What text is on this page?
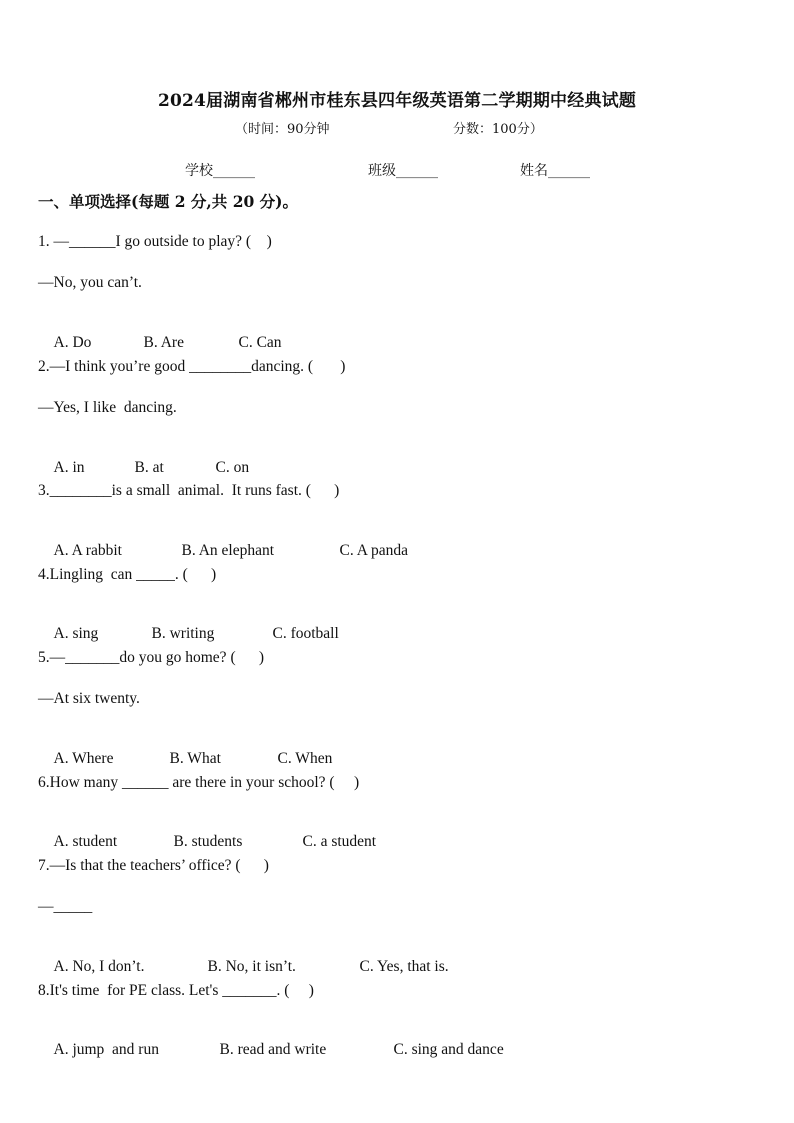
2024届湖南省郴州市桂东县四年级英语第二学期期中经典试题
（时间：90分钟	分数：100分）
学校______	班级______	姓名______
一、单项选择(每题 2 分,共 20 分)。
1. —______I go outside to play? (    )
—No, you can’t.

A. Do	B. Are	C. Can

2.—I think you’re good ________dancing. (       )
—Yes, I like  dancing.

A. in	B. at	C. on

3.________is a small  animal.  It runs fast. (      )

A. A rabbit	B. An elephant	C. A panda

4.Lingling  can _____. (      )

A. sing	B. writing	C. football

5.—_______do you go home? (      )
—At six twenty.

A. Where	B. What	C. When

6.How many ______ are there in your school? (     )

A. student	B. students	C. a student

7.—Is that the teachers’ office? (      )
—_____

A. No, I don’t.	B. No, it isn’t.	C. Yes, that is.

8.It's time  for PE class. Let's _______. (     )

A. jump  and run	B. read and write	C. sing and dance
